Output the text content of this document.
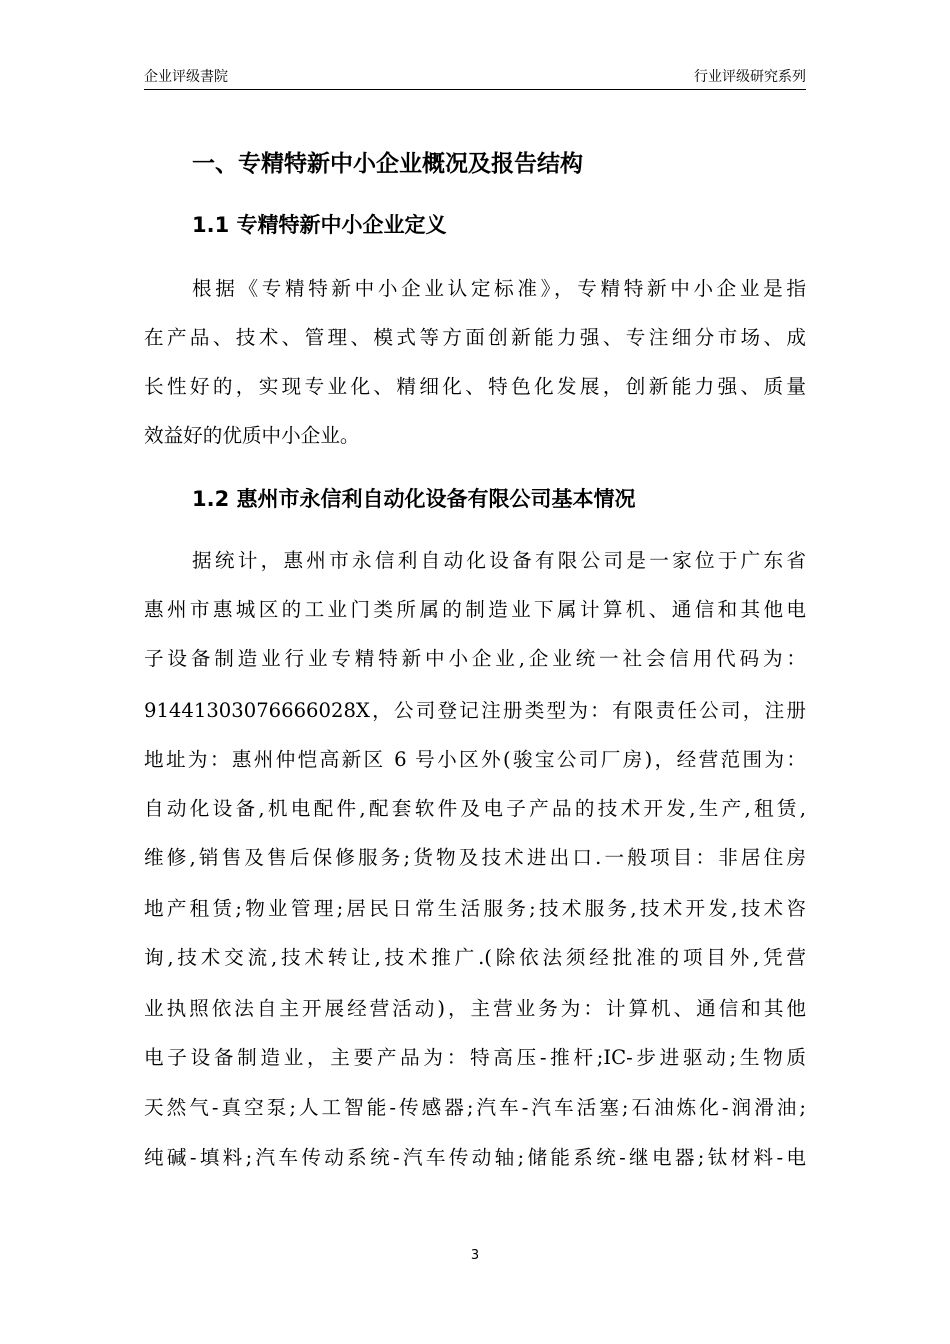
企业评级書院	行业评级研究系列
一、专精特新中小企业概况及报告结构
1.1 专精特新中小企业定义
根据《专精特新中小企业认定标准》，专精特新中小企业是指
在产品、技术、管理、模式等方面创新能力强、专注细分市场、成
长性好的，实现专业化、精细化、特色化发展，创新能力强、质量
效益好的优质中小企业。
1.2 惠州市永信利自动化设备有限公司基本情况
据统计，惠州市永信利自动化设备有限公司是一家位于广东省
惠州市惠城区的工业门类所属的制造业下属计算机、通信和其他电
子设备制造业行业专精特新中小企业,企业统一社会信用代码为：
91441303076666028X，公司登记注册类型为：有限责任公司，注册
地址为：惠州仲恺高新区 6 号小区外(骏宝公司厂房)，经营范围为：
自动化设备,机电配件,配套软件及电子产品的技术开发,生产,租赁,
维修,销售及售后保修服务;货物及技术进出口.一般项目：非居住房
地产租赁;物业管理;居民日常生活服务;技术服务,技术开发,技术咨
询,技术交流,技术转让,技术推广.(除依法须经批准的项目外,凭营
业执照依法自主开展经营活动)，主营业务为：计算机、通信和其他
电子设备制造业，主要产品为：特高压-推杆;IC-步进驱动;生物质
天然气-真空泵;人工智能-传感器;汽车-汽车活塞;石油炼化-润滑油;
纯碱-填料;汽车传动系统-汽车传动轴;储能系统-继电器;钛材料-电
3
